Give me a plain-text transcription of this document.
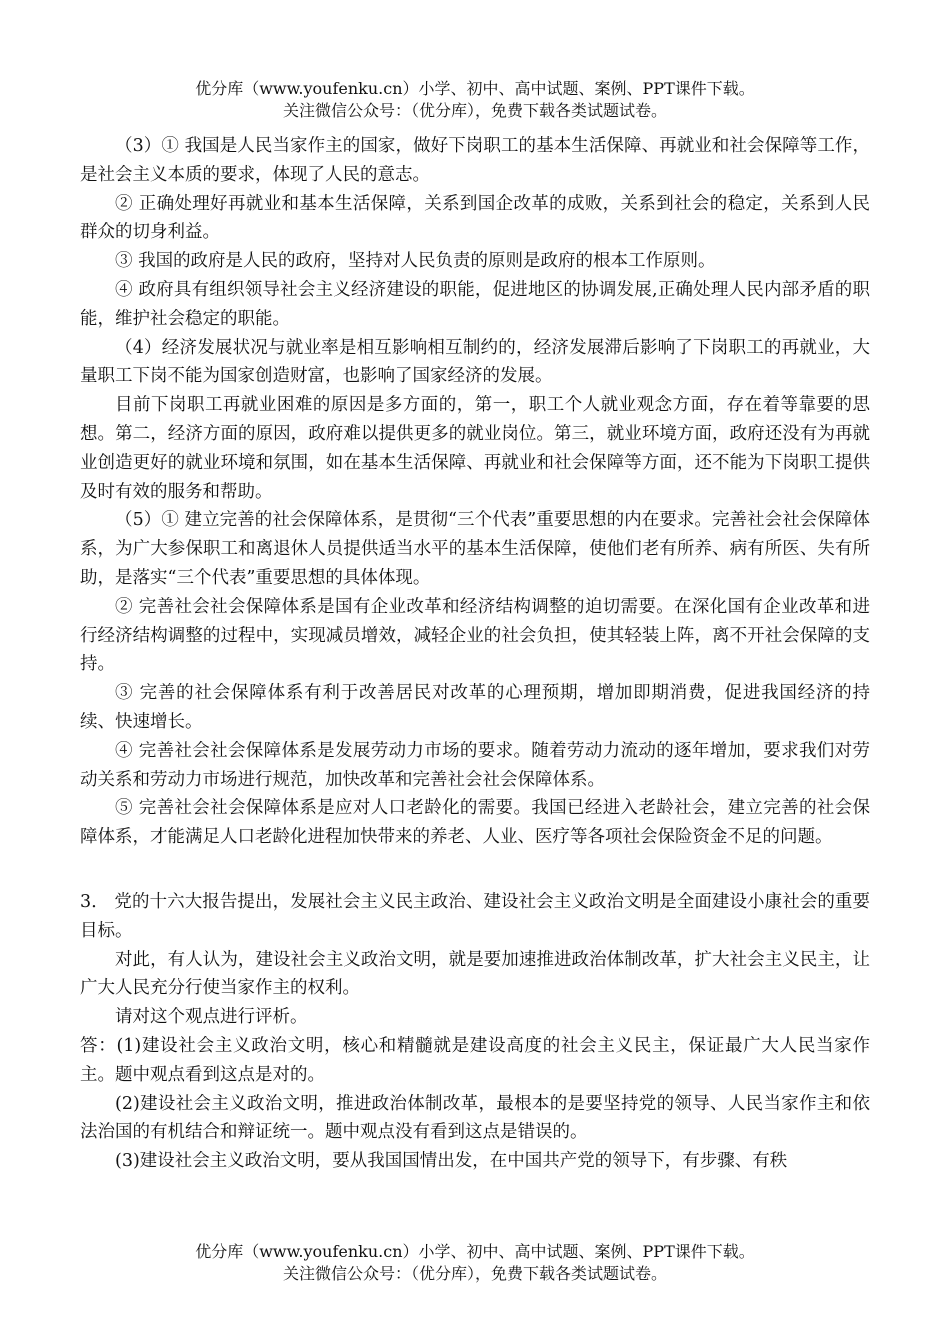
优分库（www.youfenku.cn）小学、初中、高中试题、案例、PPT课件下载。
关注微信公众号：（优分库），免费下载各类试题试卷。

（3）① 我国是人民当家作主的国家，做好下岗职工的基本生活保障、再就业和社会保障等工作，是社会主义本质的要求，体现了人民的意志。

② 正确处理好再就业和基本生活保障，关系到国企改革的成败，关系到社会的稳定，关系到人民群众的切身利益。

③ 我国的政府是人民的政府，坚持对人民负责的原则是政府的根本工作原则。

④ 政府具有组织领导社会主义经济建设的职能，促进地区的协调发展,正确处理人民内部矛盾的职能，维护社会稳定的职能。

（4）经济发展状况与就业率是相互影响相互制约的，经济发展滞后影响了下岗职工的再就业，大量职工下岗不能为国家创造财富，也影响了国家经济的发展。

目前下岗职工再就业困难的原因是多方面的，第一，职工个人就业观念方面，存在着等靠要的思想。第二，经济方面的原因，政府难以提供更多的就业岗位。第三，就业环境方面，政府还没有为再就业创造更好的就业环境和氛围，如在基本生活保障、再就业和社会保障等方面，还不能为下岗职工提供及时有效的服务和帮助。

（5）① 建立完善的社会保障体系，是贯彻“三个代表”重要思想的内在要求。完善社会社会保障体系，为广大参保职工和离退休人员提供适当水平的基本生活保障，使他们老有所养、病有所医、失有所助，是落实“三个代表”重要思想的具体体现。

② 完善社会社会保障体系是国有企业改革和经济结构调整的迫切需要。在深化国有企业改革和进行经济结构调整的过程中，实现减员增效，减轻企业的社会负担，使其轻装上阵，离不开社会保障的支持。

③ 完善的社会保障体系有利于改善居民对改革的心理预期，增加即期消费，促进我国经济的持续、快速增长。

④ 完善社会社会保障体系是发展劳动力市场的要求。随着劳动力流动的逐年增加，要求我们对劳动关系和劳动力市场进行规范，加快改革和完善社会社会保障体系。

⑤ 完善社会社会保障体系是应对人口老龄化的需要。我国已经进入老龄社会，建立完善的社会保障体系，才能满足人口老龄化进程加快带来的养老、人业、医疗等各项社会保险资金不足的问题。

3． 党的十六大报告提出，发展社会主义民主政治、建设社会主义政治文明是全面建设小康社会的重要目标。

对此，有人认为，建设社会主义政治文明，就是要加速推进政治体制改革，扩大社会主义民主，让广大人民充分行使当家作主的权利。

请对这个观点进行评析。

答：(1)建设社会主义政治文明，核心和精髓就是建设高度的社会主义民主，保证最广大人民当家作主。题中观点看到这点是对的。

(2)建设社会主义政治文明，推进政治体制改革，最根本的是要坚持党的领导、人民当家作主和依法治国的有机结合和辩证统一。题中观点没有看到这点是错误的。

(3)建设社会主义政治文明，要从我国国情出发，在中国共产党的领导下，有步骤、有秩

优分库（www.youfenku.cn）小学、初中、高中试题、案例、PPT课件下载。
关注微信公众号：（优分库），免费下载各类试题试卷。
